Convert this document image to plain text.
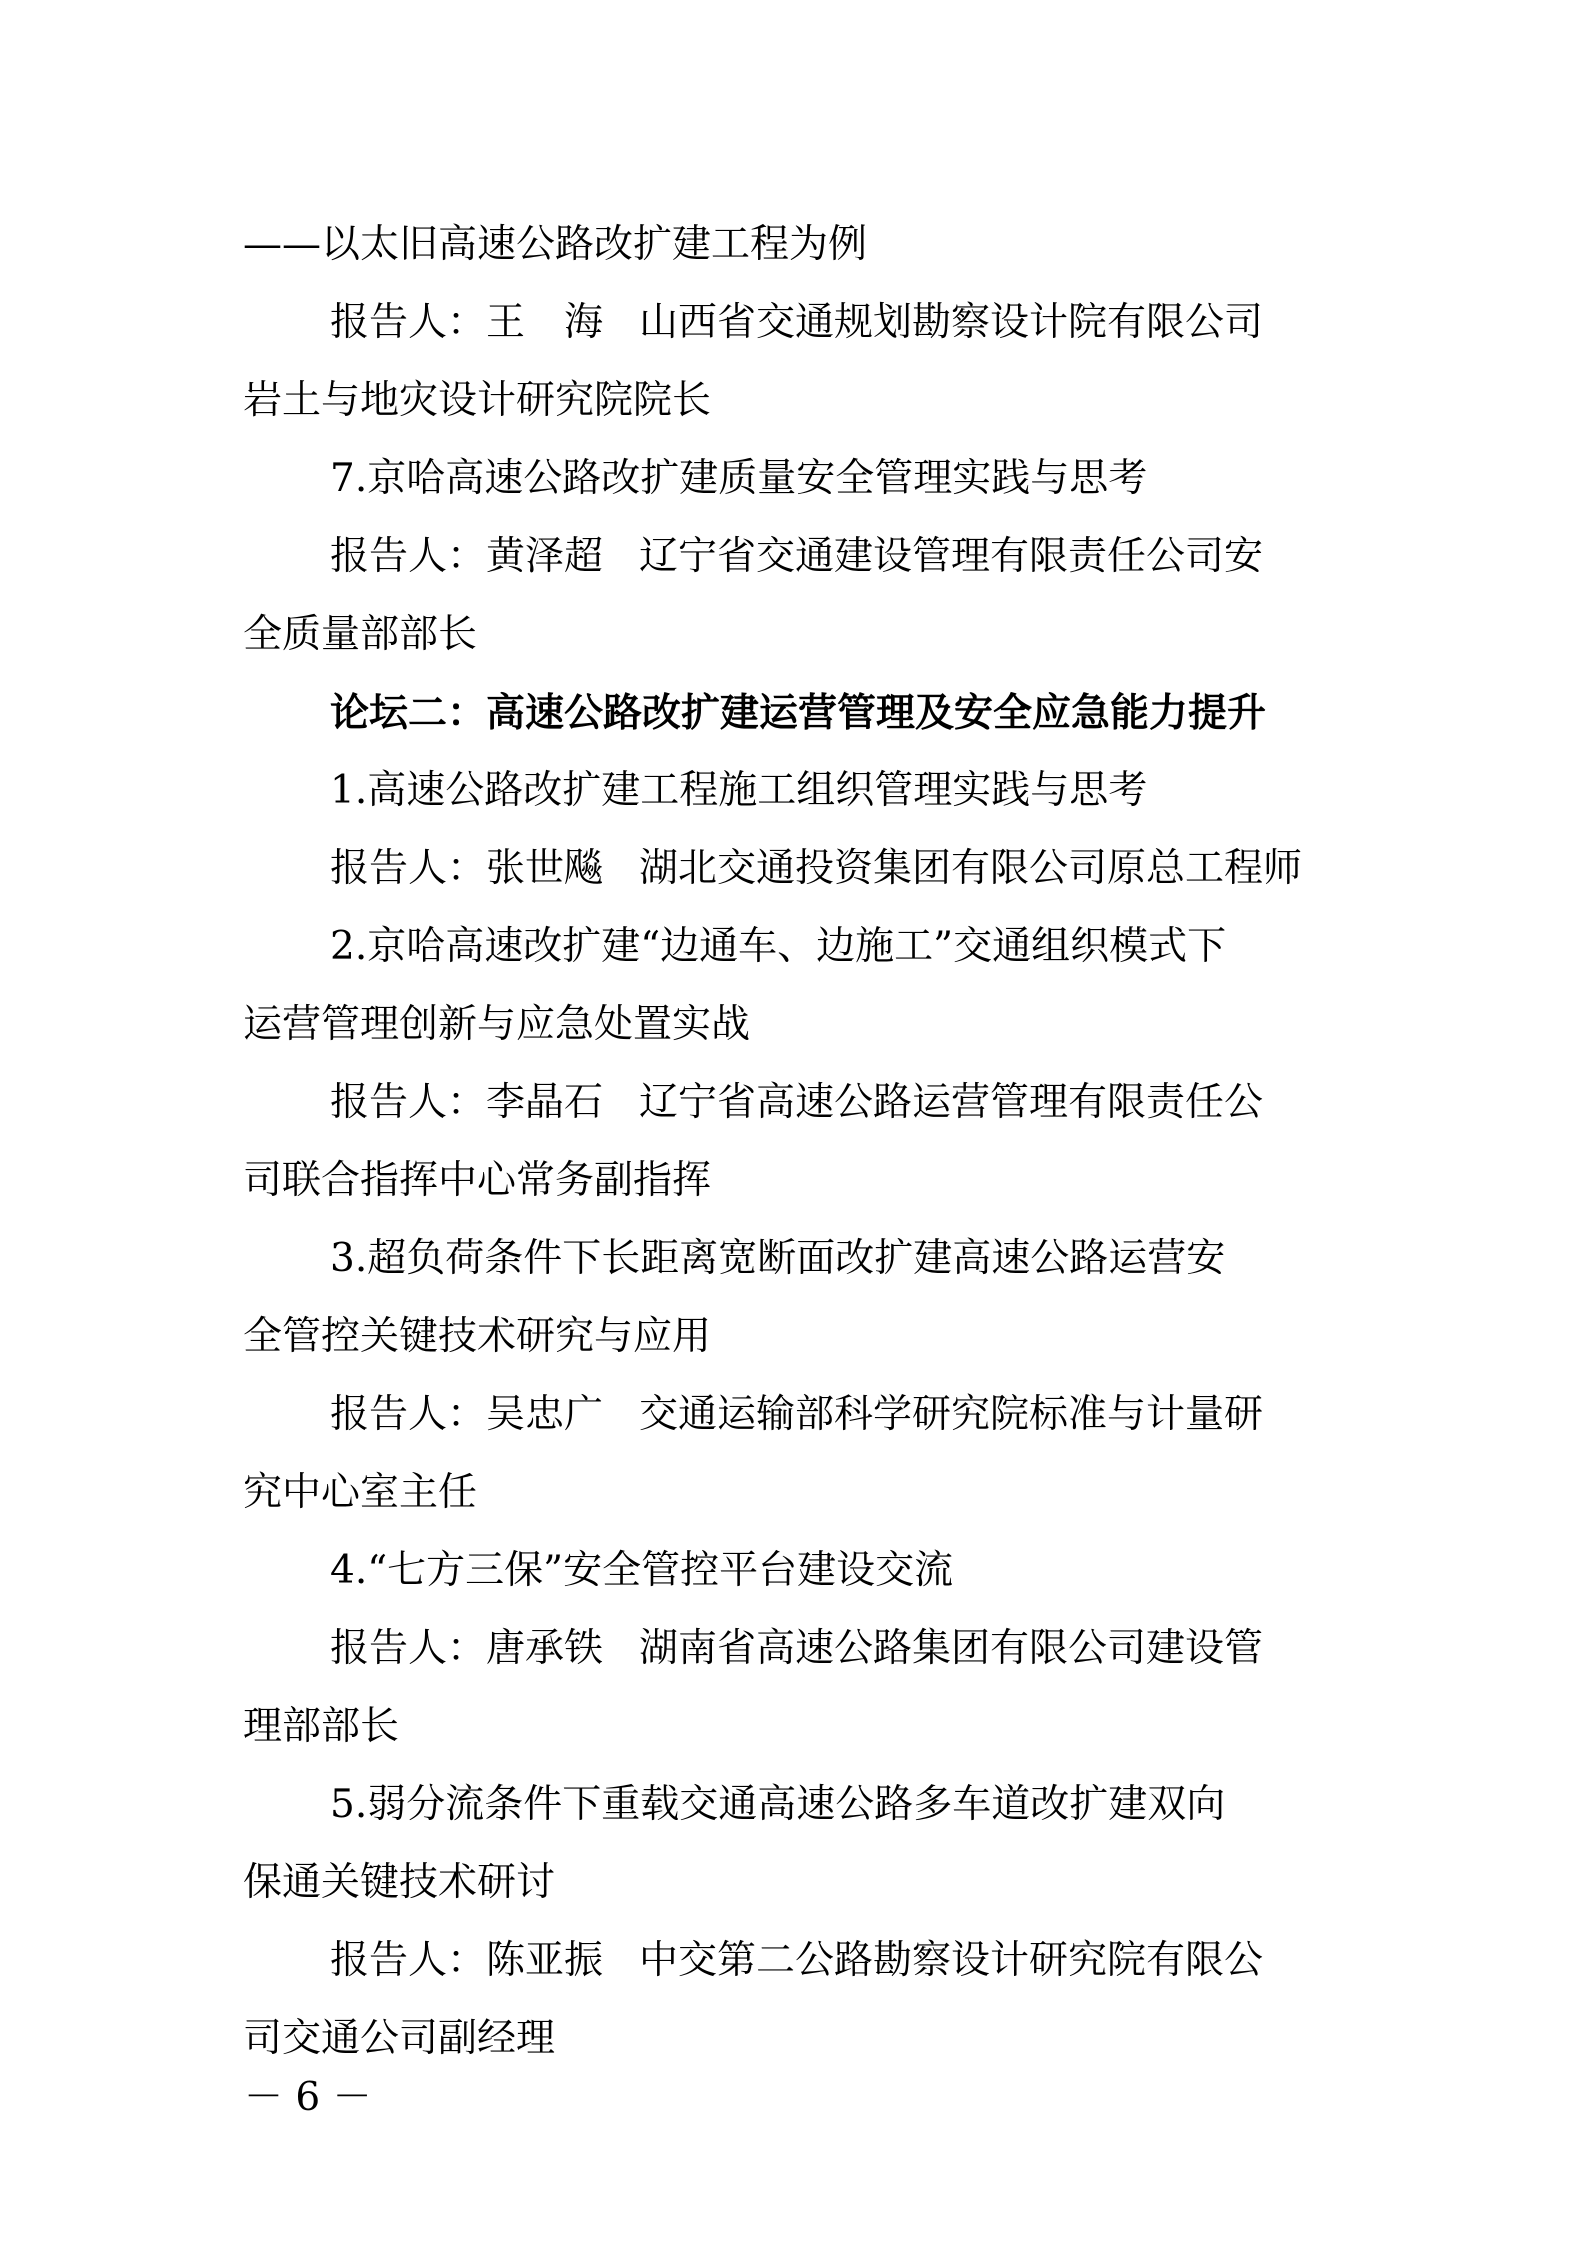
——以太旧高速公路改扩建工程为例
报告人：王　海 山西省交通规划勘察设计院有限公司
岩土与地灾设计研究院院长
7.京哈高速公路改扩建质量安全管理实践与思考
报告人：黄泽超 辽宁省交通建设管理有限责任公司安
全质量部部长
论坛二：高速公路改扩建运营管理及安全应急能力提升
1.高速公路改扩建工程施工组织管理实践与思考
报告人：张世飚 湖北交通投资集团有限公司原总工程师
2.京哈高速改扩建“边通车、边施工”交通组织模式下
运营管理创新与应急处置实战
报告人：李晶石 辽宁省高速公路运营管理有限责任公
司联合指挥中心常务副指挥
3.超负荷条件下长距离宽断面改扩建高速公路运营安
全管控关键技术研究与应用
报告人：吴忠广 交通运输部科学研究院标准与计量研
究中心室主任
4.“七方三保”安全管控平台建设交流
报告人：唐承铁 湖南省高速公路集团有限公司建设管
理部部长
5.弱分流条件下重载交通高速公路多车道改扩建双向
保通关键技术研讨
报告人：陈亚振 中交第二公路勘察设计研究院有限公
司交通公司副经理
－ 6 －
